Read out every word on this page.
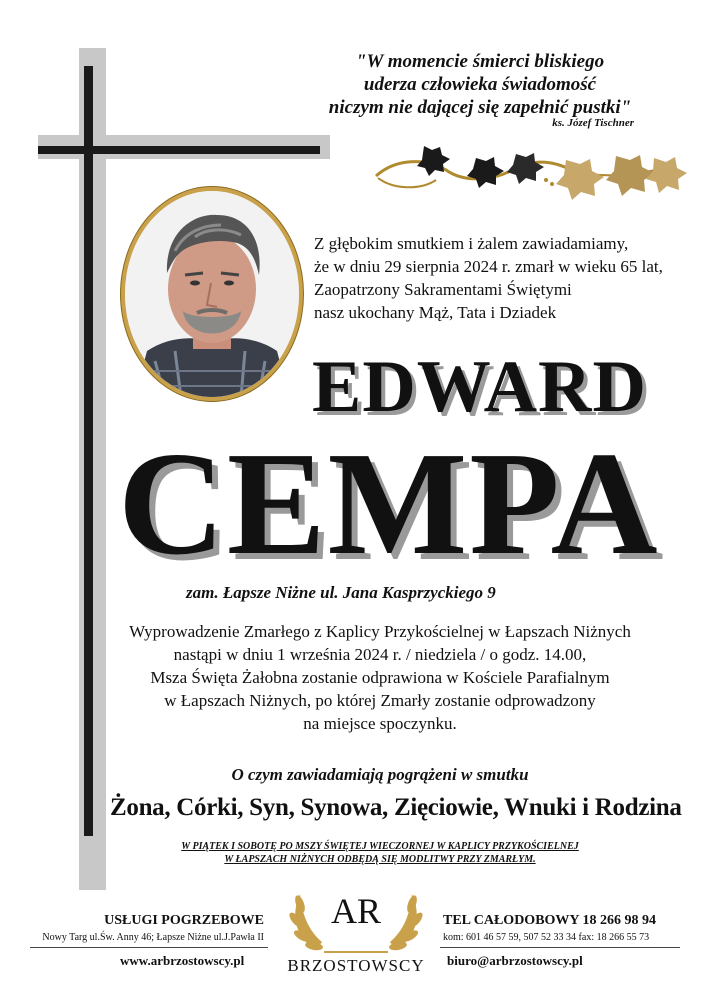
"W momencie śmierci bliskiego
uderza człowieka świadomość
niczym nie dającej się zapełnić pustki"
ks. Józef Tischner
Z głębokim smutkiem i żalem zawiadamiamy,
że w dniu 29 sierpnia 2024 r. zmarł w wieku 65 lat,
Zaopatrzony Sakramentami Świętymi
nasz ukochany Mąż, Tata i Dziadek
EDWARD
CEMPA
zam. Łapsze Niżne ul. Jana Kasprzyckiego 9
Wyprowadzenie Zmarłego z Kaplicy Przykościelnej w Łapszach Niżnych
nastąpi w dniu 1 września 2024 r. / niedziela / o godz. 14.00,
Msza Święta Żałobna zostanie odprawiona w Kościele Parafialnym
w Łapszach Niżnych, po której Zmarły zostanie odprowadzony
na miejsce spoczynku.
O czym zawiadamiają pogrążeni w smutku
Żona, Córki, Syn, Synowa, Zięciowie, Wnuki i Rodzina
W PIĄTEK I SOBOTĘ PO MSZY ŚWIĘTEJ WIECZORNEJ W KAPLICY PRZYKOŚCIELNEJ
W ŁAPSZACH NIŻNYCH ODBĘDĄ SIĘ MODLITWY PRZY ZMARŁYM.
USŁUGI POGRZEBOWE
Nowy Targ ul.Św. Anny 46; Łapsze Niżne ul.J.Pawła II
www.arbrzostowscy.pl
AR
BRZOSTOWSCY
TEL CAŁODOBOWY 18 266 98 94
kom: 601 46 57 59, 507 52 33 34 fax: 18 266 55 73
biuro@arbrzostowscy.pl
